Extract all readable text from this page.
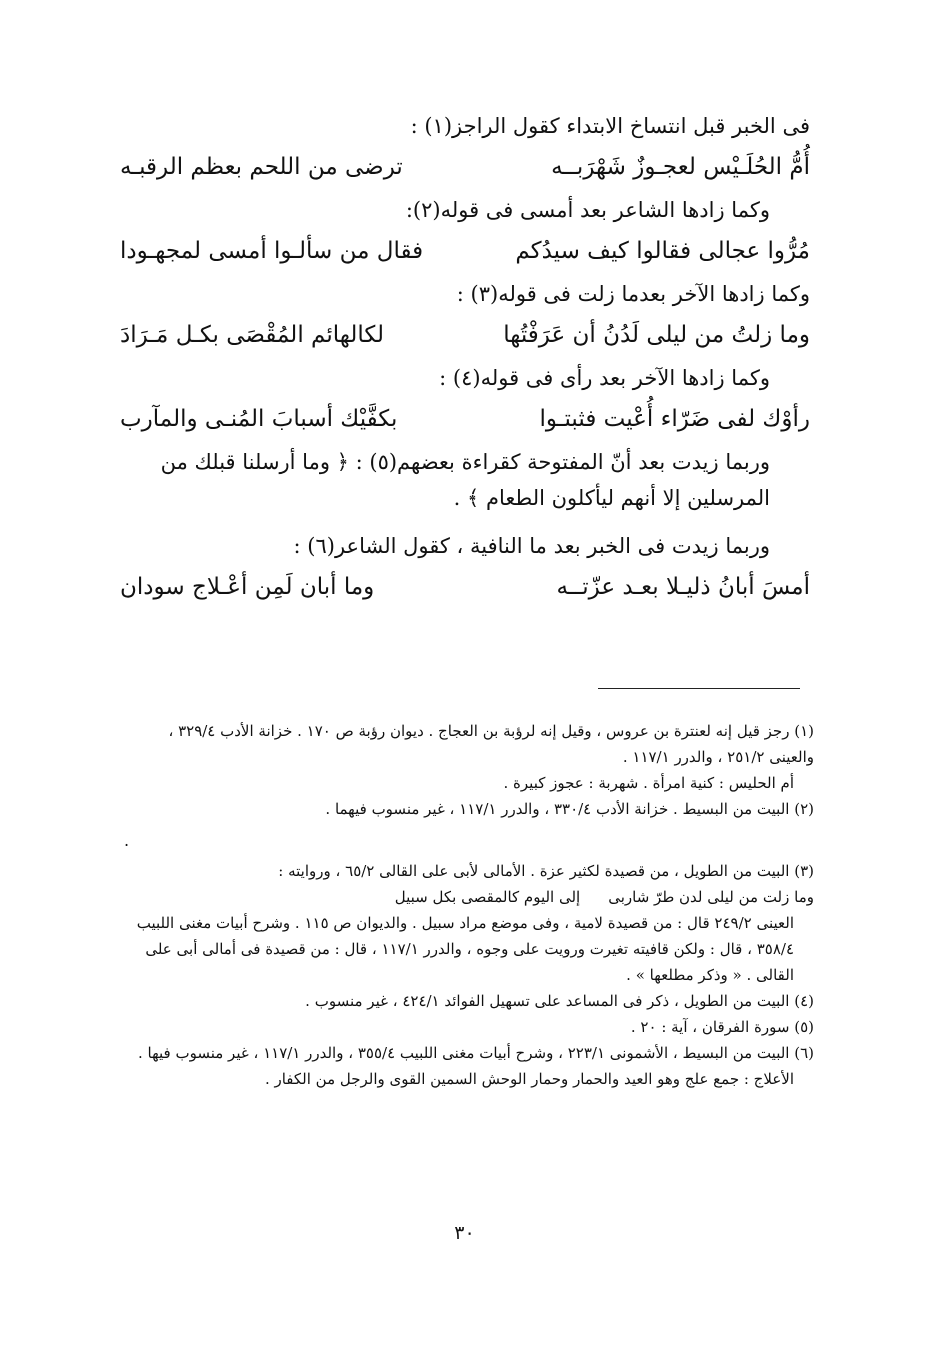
فى الخبر قبل انتساخ الابتداء كقول الراجز(١) :

أُمُّ الحُلَـيْس لعجـوزٌ شَهْرَبــه
ترضى من اللحم بعظم الرقبـه

وكما زادها الشاعر بعد أمسى فى قوله(٢):

مُرُّوا عجالى فقالوا كيف سيدُكم
فقال من سألـوا أمسى لمجهـودا

وكما زادها الآخر بعدما زلت فى قوله(٣) :

وما زلتُ من ليلى لَدُنُ أن عَرَفْتُها
لكالهائم المُقْصَى بكـل مَـرَادَ

وكما زادها الآخر بعد رأى فى قوله(٤) :

رأوْك لفى ضَرّاء أُعْيت فثبتـوا
بكفَّيْك أسبابَ المُنـى والمآرب

وربما زيدت بعد أنّ المفتوحة كقراءة بعضهم(٥) : ﴿ وما أرسلنا قبلك من المرسلين إلا أنهم ليأكلون الطعام ﴾ .

وربما زيدت فى الخبر بعد ما النافية ، كقول الشاعر(٦) :

أمسَ أبانُ ذليـلا بعـد عزّتــه
وما أبان لَمِن أعْـلاج سودان

(١) رجز قيل إنه لعنترة بن عروس ، وقيل إنه لرؤبة بن العجاج . ديوان رؤبة ص ١٧٠ . خزانة الأدب ٣٢٩/٤ ، والعينى ٢٥١/٢ ، والدرر ١١٧/١ .

أم الحليس : كنية امرأة . شهربة : عجوز كبيرة .

(٢) البيت من البسيط . خزانة الأدب ٣٣٠/٤ ، والدرر ١١٧/١ ، غير منسوب فيهما .

.

(٣) البيت من الطويل ، من قصيدة لكثير عزة . الأمالى لأبى على القالى ٦٥/٢ ، وروايته :

وما زلت من ليلى لدن طرّ شاربى
إلى اليوم كالمقصى بكل سبيل

العينى ٢٤٩/٢ قال : من قصيدة لامية ، وفى موضع مراد سبيل . والديوان ص ١١٥ . وشرح أبيات مغنى اللبيب ٣٥٨/٤ ، قال : ولكن قافيته تغيرت ورويت على وجوه ، والدرر ١١٧/١ ، قال : من قصيدة فى أمالى أبى على القالى . « وذكر مطلعها » .

(٤) البيت من الطويل ، ذكر فى المساعد على تسهيل الفوائد ٤٢٤/١ ، غير منسوب .

(٥) سورة الفرقان ، آية : ٢٠ .

(٦) البيت من البسيط ، الأشمونى ٢٢٣/١ ، وشرح أبيات مغنى اللبيب ٣٥٥/٤ ، والدرر ١١٧/١ ، غير منسوب فيها .

الأعلاج : جمع علج وهو العيد والحمار وحمار الوحش السمين القوى والرجل من الكفار .

٣٠
